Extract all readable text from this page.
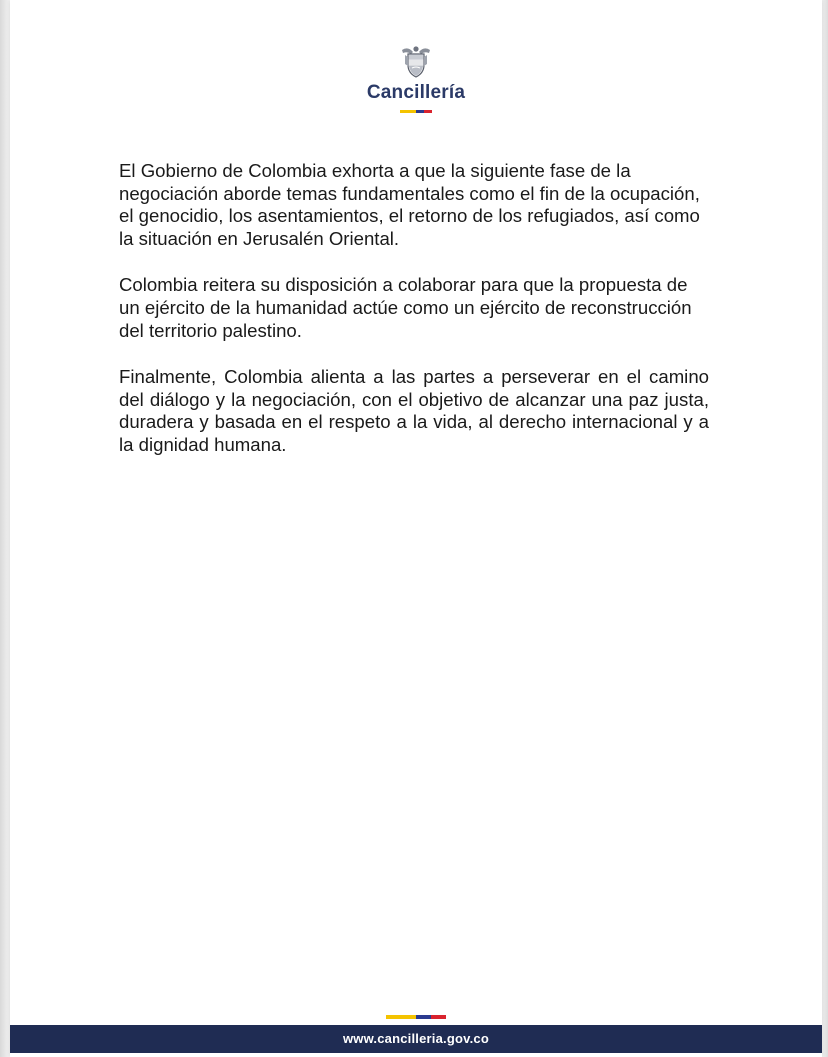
Cancillería

El Gobierno de Colombia exhorta a que la siguiente fase de la negociación aborde temas fundamentales como el fin de la ocupación, el genocidio, los asentamientos, el retorno de los refugiados, así como la situación en Jerusalén Oriental.

Colombia reitera su disposición a colaborar para que la propuesta de un ejército de la humanidad actúe como un ejército de reconstrucción del territorio palestino.

Finalmente, Colombia alienta a las partes a perseverar en el camino del diálogo y la negociación, con el objetivo de alcanzar una paz justa, duradera y basada en el respeto a la vida, al derecho internacional y a la dignidad humana.

www.cancilleria.gov.co
